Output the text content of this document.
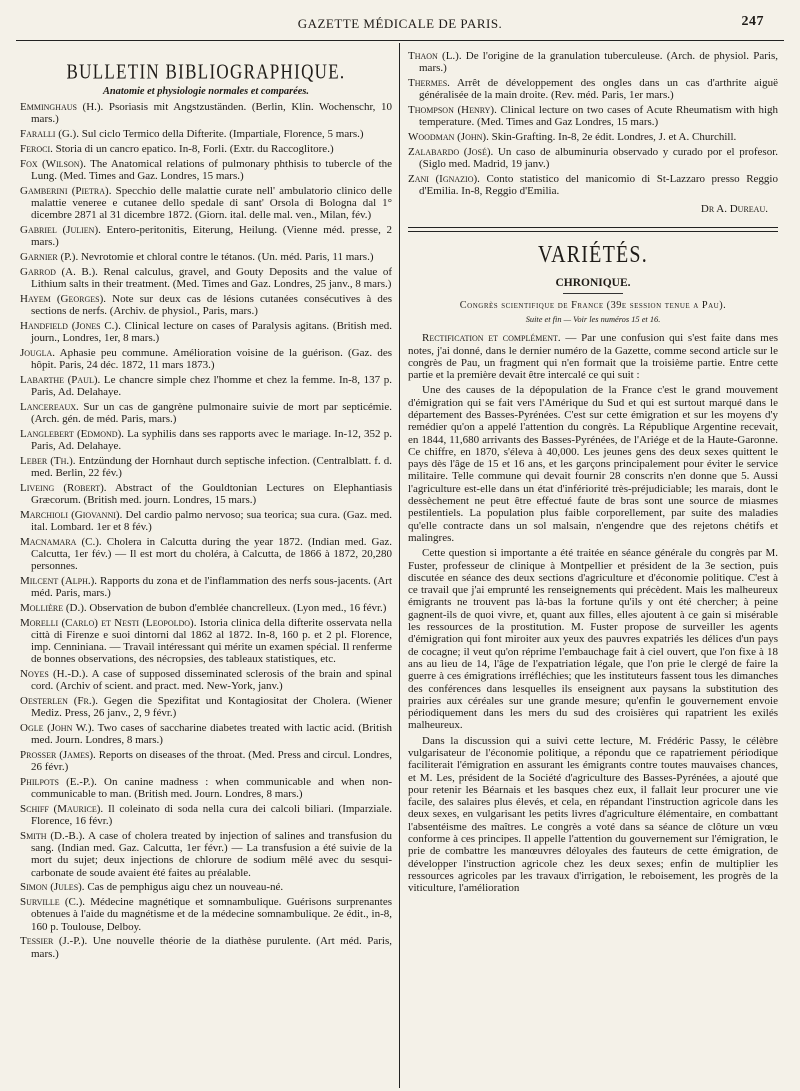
GAZETTE MÉDICALE DE PARIS.	247
BULLETIN BIBLIOGRAPHIQUE.
Anatomie et physiologie normales et comparées.

Emminghaus (H.). Psoriasis mit Angstzuständen. (Berlin, Klin. Wochenschr, 10 mars.)

Faralli (G.). Sul ciclo Termico della Difterite. (Impartiale, Florence, 5 mars.)

Feroci. Storia di un cancro epatico. In-8, Forli. (Extr. du Raccoglitore.)

Fox (Wilson). The Anatomical relations of pulmonary phthisis to tubercle of the Lung. (Med. Times and Gaz. Londres, 15 mars.)

Gamberini (Pietra). Specchio delle malattie curate nell' ambulatorio clinico delle malattie veneree e cutanee dello spedale di sant' Orsola di Bologna dal 1° dicembre 2871 al 31 dicembre 1872. (Giorn. ital. delle mal. ven., Milan, fév.)

Gabriel (Julien). Entero-peritonitis, Eiterung, Heilung. (Vienne méd. presse, 2 mars.)

Garnier (P.). Nevrotomie et chloral contre le tétanos. (Un. méd. Paris, 11 mars.)

Garrod (A. B.). Renal calculus, gravel, and Gouty Deposits and the value of Lithium salts in their treatment. (Med. Times and Gaz. Londres, 25 janv., 8 mars.)

Hayem (Georges). Note sur deux cas de lésions cutanées consécutives à des sections de nerfs. (Archiv. de physiol., Paris, mars.)

Handfield (Jones C.). Clinical lecture on cases of Paralysis agitans. (British med. journ., Londres, 1er, 8 mars.)

Jougla. Aphasie peu commune. Amélioration voisine de la guérison. (Gaz. des hôpit. Paris, 24 déc. 1872, 11 mars 1873.)

Labarthe (Paul). Le chancre simple chez l'homme et chez la femme. In-8, 137 p. Paris, Ad. Delahaye.

Lancereaux. Sur un cas de gangrène pulmonaire suivie de mort par septicémie. (Arch. gén. de méd. Paris, mars.)

Langlebert (Edmond). La syphilis dans ses rapports avec le mariage. In-12, 352 p. Paris, Ad. Delahaye.

Leber (Th.). Entzündung der Hornhaut durch septische infection. (Centralblatt. f. d. med. Berlin, 22 fév.)

Liveing (Robert). Abstract of the Gouldtonian Lectures on Elephantiasis Græcorum. (British med. journ. Londres, 15 mars.)

Marchioli (Giovanni). Del cardio palmo nervoso; sua teorica; sua cura. (Gaz. med. ital. Lombard. 1er et 8 fév.)

Macnamara (C.). Cholera in Calcutta during the year 1872. (Indian med. Gaz. Calcutta, 1er fév.) — Il est mort du choléra, à Calcutta, de 1866 à 1872, 20,280 personnes.

Milcent (Alph.). Rapports du zona et de l'inflammation des nerfs sous-jacents. (Art méd. Paris, mars.)

Mollière (D.). Observation de bubon d'emblée chancrelleux. (Lyon med., 16 févr.)

Morelli (Carlo) et Nesti (Leopoldo). Istoria clinica della difterite osservata nella città di Firenze e suoi dintorni dal 1862 al 1872. In-8, 160 p. et 2 pl. Florence, imp. Cenniniana. — Travail intéressant qui mérite un examen spécial. Il renferme de bonnes observations, des nécropsies, des tableaux statistiques, etc.

Noyes (H.-D.). A case of supposed disseminated sclerosis of the brain and spinal cord. (Archiv of scient. and pract. med. New-York, janv.)

Oesterlen (Fr.). Gegen die Spezifitat und Kontagiositat der Cholera. (Wiener Mediz. Press, 26 janv., 2, 9 févr.)

Ogle (John W.). Two cases of saccharine diabetes treated with lactic acid. (British med. Journ. Londres, 8 mars.)

Prosser (James). Reports on diseases of the throat. (Med. Press and circul. Londres, 26 févr.)

Philpots (E.-P.). On canine madness : when communicable and when non-communicable to man. (British med. Journ. Londres, 8 mars.)

Schiff (Maurice). Il coleinato di soda nella cura dei calcoli biliari. (Imparziale. Florence, 16 févr.)

Smith (D.-B.). A case of cholera treated by injection of salines and transfusion du sang. (Indian med. Gaz. Calcutta, 1er févr.) — La transfusion a été suivie de la mort du sujet; deux injections de chlorure de sodium mêlé avec du sesqui-carbonate de soude avaient été faites au préalable.

Simon (Jules). Cas de pemphigus aigu chez un nouveau-né.

Surville (C.). Médecine magnétique et somnambulique. Guérisons surprenantes obtenues à l'aide du magnétisme et de la médecine somnambulique. 2e édit., in-8, 160 p. Toulouse, Delboy.

Tessier (J.-P.). Une nouvelle théorie de la diathèse purulente. (Art méd. Paris, mars.)

Thaon (L.). De l'origine de la granulation tuberculeuse. (Arch. de physiol. Paris, mars.)

Thermes. Arrêt de développement des ongles dans un cas d'arthrite aiguë généralisée de la main droite. (Rev. méd. Paris, 1er mars.)

Thompson (Henry). Clinical lecture on two cases of Acute Rheumatism with high temperature. (Med. Times and Gaz Londres, 15 mars.)

Woodman (John). Skin-Grafting. In-8, 2e édit. Londres, J. et A. Churchill.

Zalabardo (José). Un caso de albuminuria observado y curado por el profesor. (Siglo med. Madrid, 19 janv.)

Zani (Ignazio). Conto statistico del manicomio di St-Lazzaro presso Reggio d'Emilia. In-8, Reggio d'Emilia.

Dr A. Dureau.
VARIÉTÉS.
CHRONIQUE.
Congrès scientifique de France (39e session tenue a Pau).
Suite et fin — Voir les numéros 15 et 16.

Rectification et complément. — Par une confusion qui s'est faite dans mes notes, j'ai donné, dans le dernier numéro de la Gazette, comme second article sur le congrès de Pau, un fragment qui n'en formait que la troisième partie. Entre cette partie et la première devait être intercalé ce qui suit :

Une des causes de la dépopulation de la France c'est le grand mouvement d'émigration qui se fait vers l'Amérique du Sud et qui est surtout marqué dans le département des Basses-Pyrénées. C'est sur cette émigration et sur les moyens d'y remédier qu'on a appelé l'attention du congrès. La République Argentine recevait, en 1844, 11,680 arrivants des Basses-Pyrénées, de l'Ariége et de la Haute-Garonne. Ce chiffre, en 1870, s'éleva à 40,000. Les jeunes gens des deux sexes quittent le pays dès l'âge de 15 et 16 ans, et les garçons principalement pour éviter le service militaire. Telle commune qui devait fournir 28 conscrits n'en donne que 5. Aussi l'agriculture est-elle dans un état d'infériorité très-préjudiciable; les marais, dont le dessèchement ne peut être effectué faute de bras sont une source de miasmes pestilentiels. La population plus faible corporellement, par suite des maladies qu'elle contracte dans un sol malsain, n'engendre que des rejetons chétifs et malingres.

Cette question si importante a été traitée en séance générale du congrès par M. Fuster, professeur de clinique à Montpellier et président de la 3e section, puis discutée en séance des deux sections d'agriculture et d'économie politique. C'est à ce travail que j'ai emprunté les renseignements qui précèdent. Mais les malheureux émigrants ne trouvent pas là-bas la fortune qu'ils y ont été chercher; à peine gagnent-ils de quoi vivre, et, quant aux filles, elles ajoutent à ce gain si misérable les ressources de la prostitution. M. Fuster propose de surveiller les agents d'émigration qui font miroiter aux yeux des pauvres expatriés les délices d'un pays de cocagne; il veut qu'on réprime l'embauchage fait à ciel ouvert, que l'on fixe à 18 ans au lieu de 14, l'âge de l'expatriation légale, que l'on prie le clergé de faire la guerre à ces émigrations irréfléchies; que les instituteurs fassent tous les dimanches des conférences dans lesquelles ils enseignent aux paysans la substitution des prairies aux céréales sur une grande mesure; qu'enfin le gouvernement envoie périodiquement dans les mers du sud des croisières qui rapatrient les exilés malheureux.

Dans la discussion qui a suivi cette lecture, M. Frédéric Passy, le célèbre vulgarisateur de l'économie politique, a répondu que ce rapatriement périodique faciliterait l'émigration en assurant les émigrants contre toutes mauvaises chances, et M. Les, président de la Société d'agriculture des Basses-Pyrénées, a ajouté que pour retenir les Béarnais et les basques chez eux, il fallait leur procurer une vie facile, des salaires plus élevés, et cela, en répandant l'instruction agricole dans les deux sexes, en vulgarisant les petits livres d'agriculture élémentaire, en combattant l'absentéisme des maîtres. Le congrès a voté dans sa séance de clôture un vœu conforme à ces principes. Il appelle l'attention du gouvernement sur l'émigration, le prie de combattre les manœuvres déloyales des fauteurs de cette émigration, de développer l'instruction agricole chez les deux sexes; enfin de multiplier les ressources agricoles par les travaux d'irrigation, le reboisement, les progrès de la viticulture, l'amélioration
